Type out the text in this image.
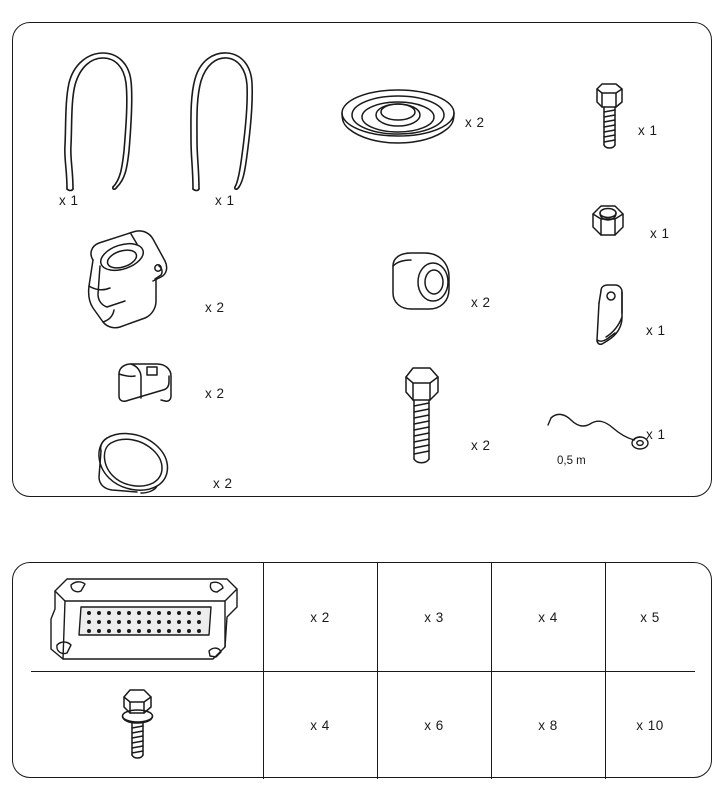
x 1	x 1
x 2
x 1
x 1
x 2	x 2
x 1
x 2
x 2
0,5 m
x 1
x 2
x 2	x 3	x 4	x 5
x 4	x 6	x 8	x 10
